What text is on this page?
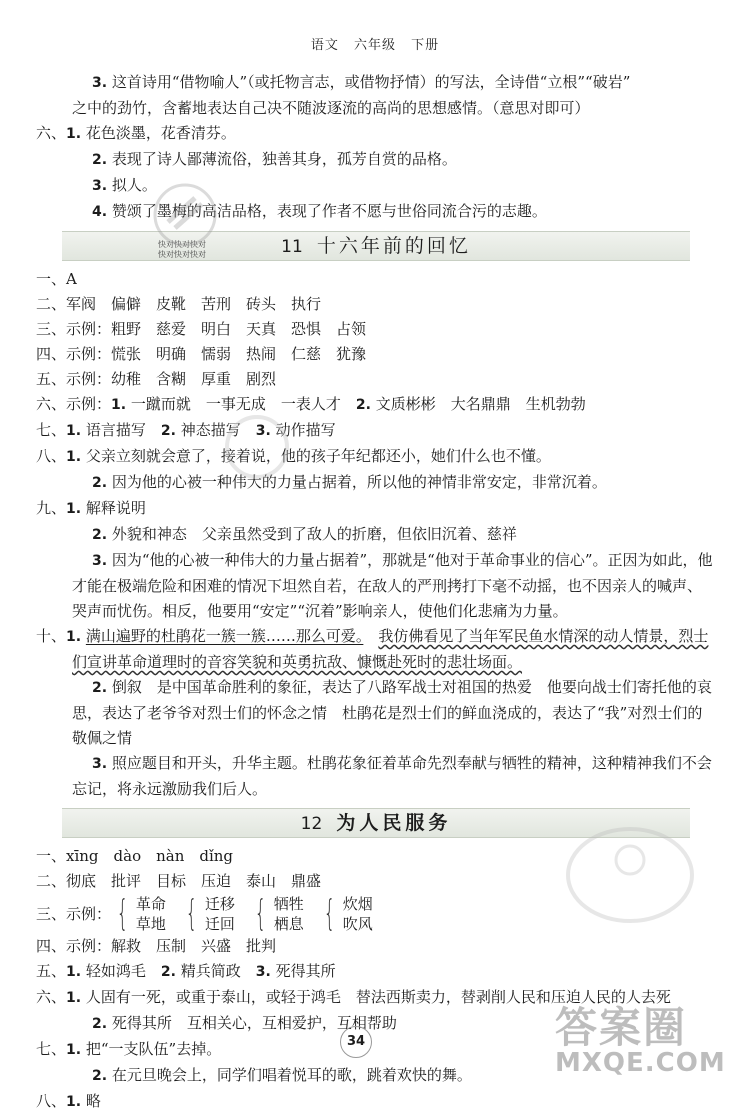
语文 六年级 下册
3. 这首诗用“借物喻人”（或托物言志，或借物抒情）的写法，全诗借“立根”“破岩”
之中的劲竹，含蓄地表达自己决不随波逐流的高尚的思想感情。（意思对即可）
六、1. 花色淡墨，花香清芬。
2. 表现了诗人鄙薄流俗，独善其身，孤芳自赏的品格。
3. 拟人。
4. 赞颂了墨梅的高洁品格，表现了作者不愿与世俗同流合污的志趣。
11 十六年前的回忆
一、A
二、军阀　偏僻　皮靴　苦刑　砖头　执行
三、示例：粗野　慈爱　明白　天真　恐惧　占领
四、示例：慌张　明确　懦弱　热闹　仁慈　犹豫
五、示例：幼稚　含糊　厚重　剧烈
六、示例：1. 一蹴而就　一事无成　一表人才　 2. 文质彬彬　大名鼎鼎　生机勃勃
七、1. 语言描写　 2. 神态描写　 3. 动作描写
八、1. 父亲立刻就会意了，接着说，他的孩子年纪都还小，她们什么也不懂。
2. 因为他的心被一种伟大的力量占据着，所以他的神情非常安定，非常沉着。
九、1. 解释说明
2. 外貌和神态　父亲虽然受到了敌人的折磨，但依旧沉着、慈祥
3. 因为“他的心被一种伟大的力量占据着”，那就是“他对于革命事业的信心”。正因为如此，他才能在极端危险和困难的情况下坦然自若，在敌人的严刑拷打下毫不动摇，也不因亲人的喊声、哭声而忧伤。相反，他要用“安定”“沉着”影响亲人，使他们化悲痛为力量。
十、1. 满山遍野的杜鹃花一簇一簇……那么可爱。　 我仿佛看见了当年军民鱼水情深的动人情景，烈士们宣讲革命道理时的音容笑貌和英勇抗敌、慷慨赴死时的悲壮场面。
2. 倒叙　是中国革命胜利的象征，表达了八路军战士对祖国的热爱　他要向战士们寄托他的哀思，表达了老爷爷对烈士们的怀念之情　杜鹃花是烈士们的鲜血浇成的，表达了“我”对烈士们的敬佩之情
3. 照应题目和开头，升华主题。杜鹃花象征着革命先烈奉献与牺牲的精神，这种精神我们不会忘记，将永远激励我们后人。
12 为人民服务
一、xīng　dào　nàn　dǐng
二、彻底　批评　目标　压迫　泰山　鼎盛
三、示例： { 革命
草地 { 迁移
迁回 { 牺牲
栖息 { 炊烟
吹风
四、示例：解救　压制　兴盛　批判
五、1. 轻如鸿毛　 2. 精兵简政　 3. 死得其所
六、1. 人固有一死，或重于泰山，或轻于鸿毛　替法西斯卖力，替剥削人民和压迫人民的人去死
2. 死得其所　互相关心，互相爱护，互相帮助
七、1. 把“一支队伍”去掉。
2. 在元旦晚会上，同学们唱着悦耳的歌，跳着欢快的舞。
八、1. 略
快对快对快对
快对快对快对
34	答案圈
MXQE.COM
